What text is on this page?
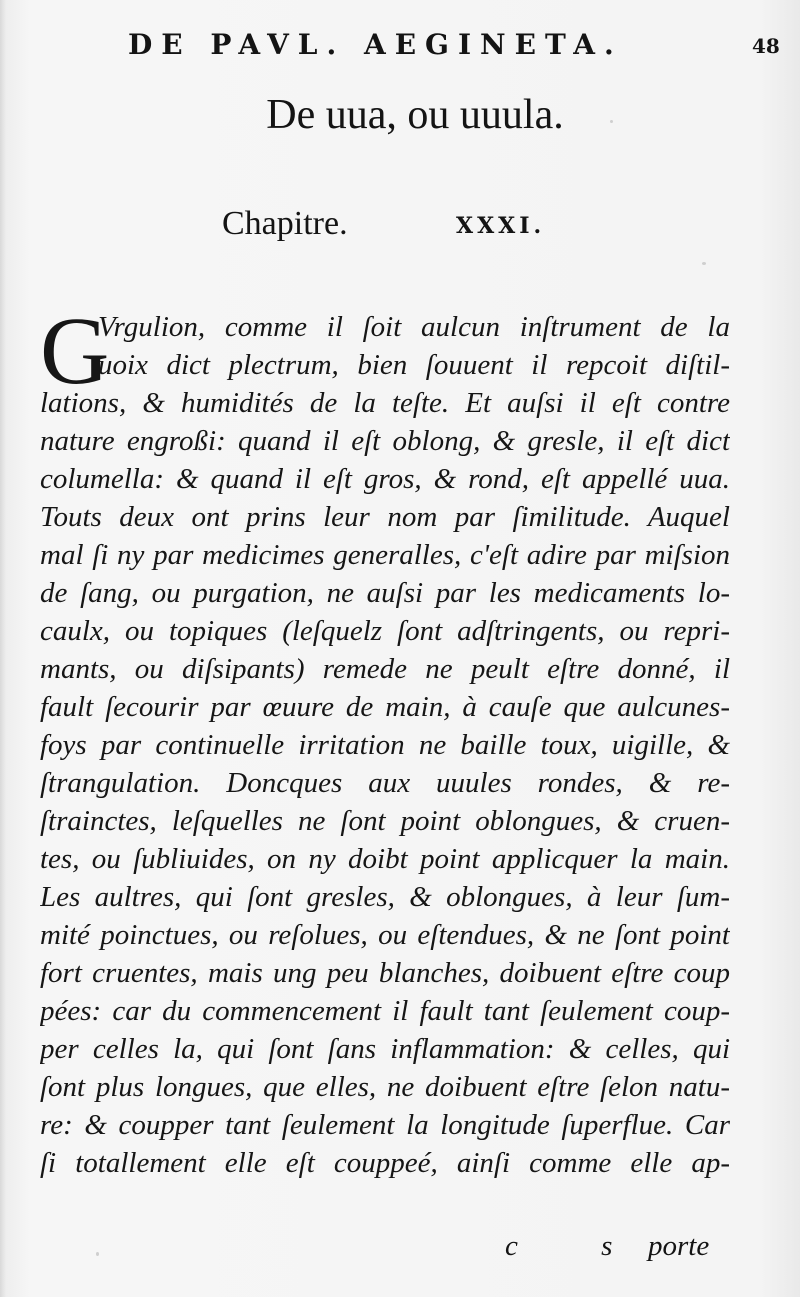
DE PAVL. AEGINETA.	48
De uua, ou uuula.
Chapitre.	XXXI.
G
Vrgulion, comme il ſoit aulcun inſtrument de la
uoix dict plectrum, bien ſouuent il repcoit diſtil-
lations, & humidités de la teſte. Et auſsi il eſt contre
nature engroßi: quand il eſt oblong, & gresle, il eſt dict
columella: & quand il eſt gros, & rond, eſt appellé uua.
Touts deux ont prins leur nom par ſimilitude. Auquel
mal ſi ny par medicimes generalles, c'eſt adire par miſsion
de ſang, ou purgation, ne auſsi par les medicaments lo-
caulx, ou topiques (leſquelz ſont adſtringents, ou repri-
mants, ou diſsipants) remede ne peult eſtre donné, il
fault ſecourir par œuure de main, à cauſe que aulcunes-
foys par continuelle irritation ne baille toux, uigille, &
ſtrangulation. Doncques aux uuules rondes, & re-
ſtrainctes, leſquelles ne ſont point oblongues, & cruen-
tes, ou ſubliuides, on ny doibt point applicquer la main.
Les aultres, qui ſont gresles, & oblongues, à leur ſum-
mité poinctues, ou reſolues, ou eſtendues, & ne ſont point
fort cruentes, mais ung peu blanches, doibuent eſtre coup
pées: car du commencement il fault tant ſeulement coup-
per celles la, qui ſont ſans inflammation: & celles, qui
ſont plus longues, que elles, ne doibuent eſtre ſelon natu-
re: & coupper tant ſeulement la longitude ſuperflue. Car
ſi totallement elle eſt couppeé, ainſi comme elle ap-
c s
porte
